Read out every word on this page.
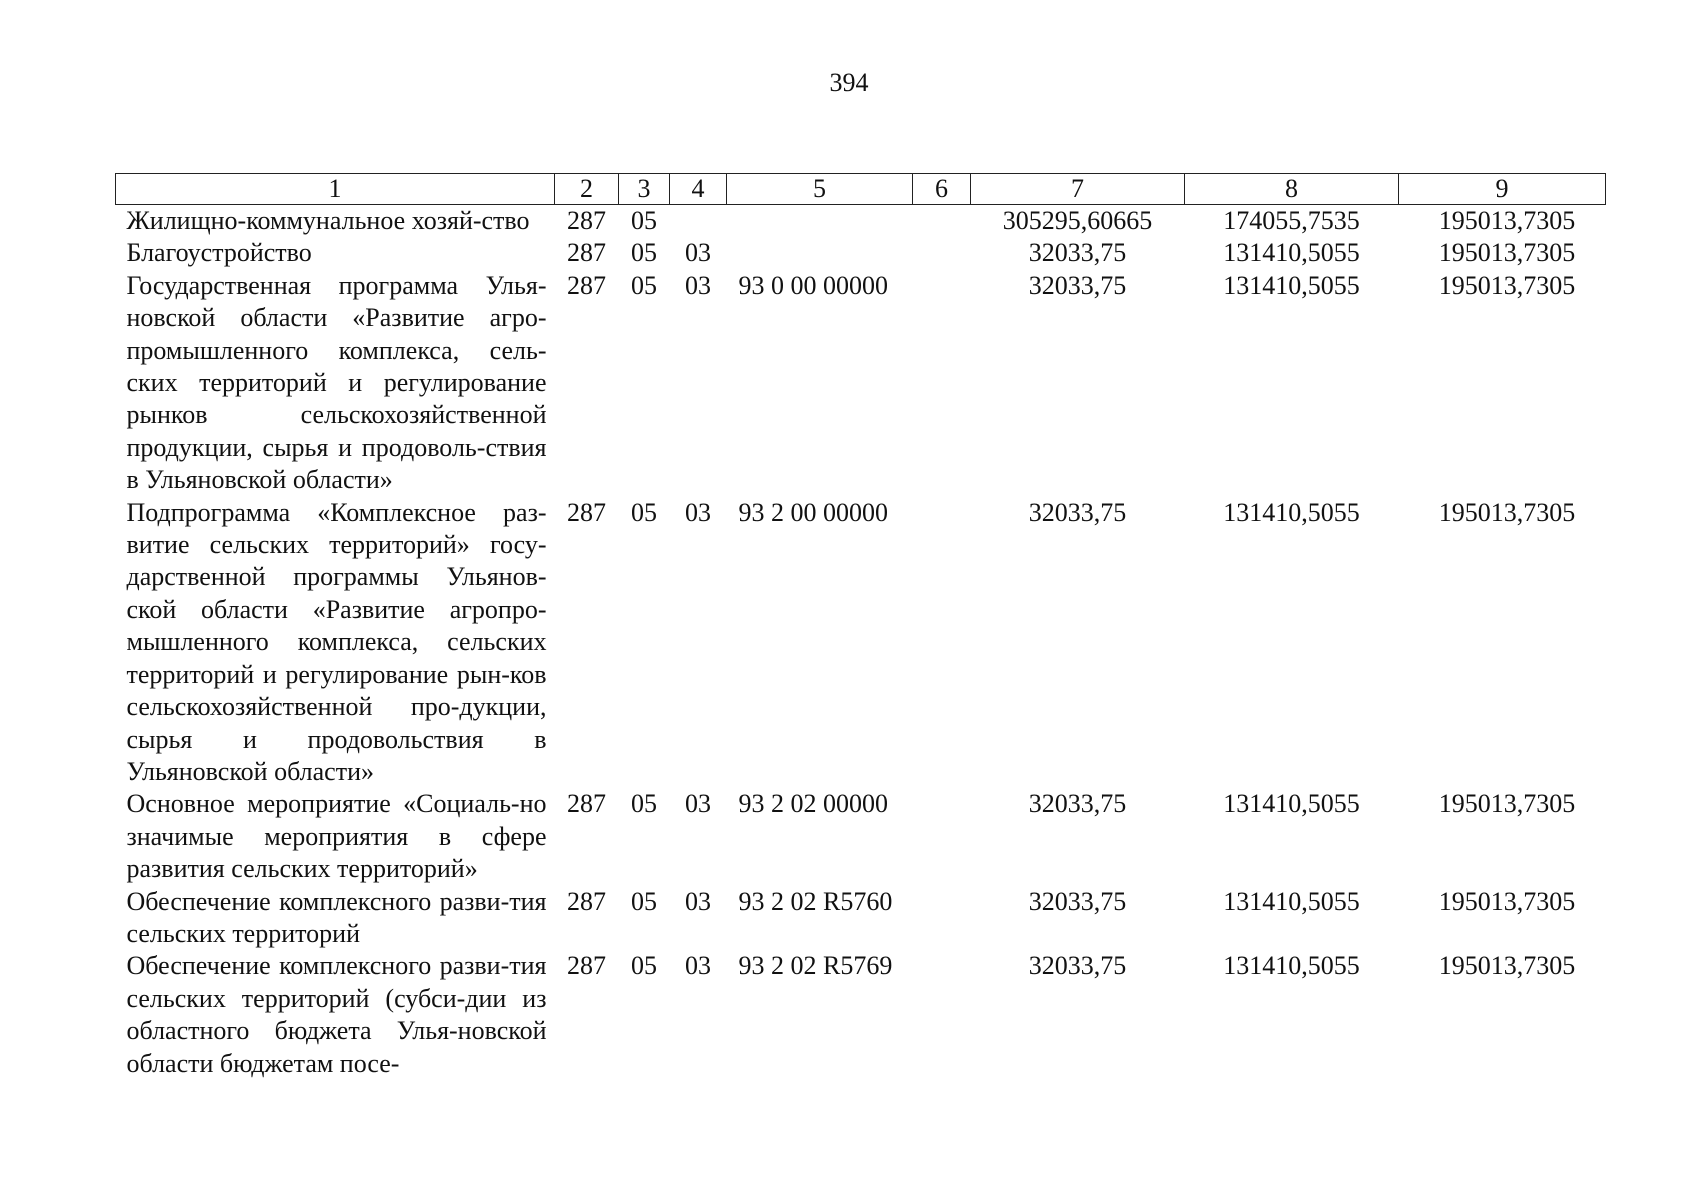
394
1	2	3	4	5	6	7	8	9
Жилищно-коммунальное хозяй-ство	287	05				305295,60665	174055,7535	195013,7305
Благоустройство	287	05	03			32033,75	131410,5055	195013,7305
Государственная программа Улья-новской области «Развитие агро-промышленного комплекса, сель-ских территорий и регулирование рынков сельскохозяйственной продукции, сырья и продоволь-ствия в Ульяновской области»	287	05	03	93 0 00 00000		32033,75	131410,5055	195013,7305
Подпрограмма «Комплексное раз-витие сельских территорий» госу-дарственной программы Ульянов-ской области «Развитие агропро-мышленного комплекса, сельских территорий и регулирование рын-ков сельскохозяйственной про-дукции, сырья и продовольствия в Ульяновской области»	287	05	03	93 2 00 00000		32033,75	131410,5055	195013,7305
Основное мероприятие «Социаль-но значимые мероприятия в сфере развития сельских территорий»	287	05	03	93 2 02 00000		32033,75	131410,5055	195013,7305
Обеспечение комплексного разви-тия сельских территорий	287	05	03	93 2 02 R5760		32033,75	131410,5055	195013,7305
Обеспечение комплексного разви-тия сельских территорий (субси-дии из областного бюджета Улья-новской области бюджетам посе-	287	05	03	93 2 02 R5769		32033,75	131410,5055	195013,7305
